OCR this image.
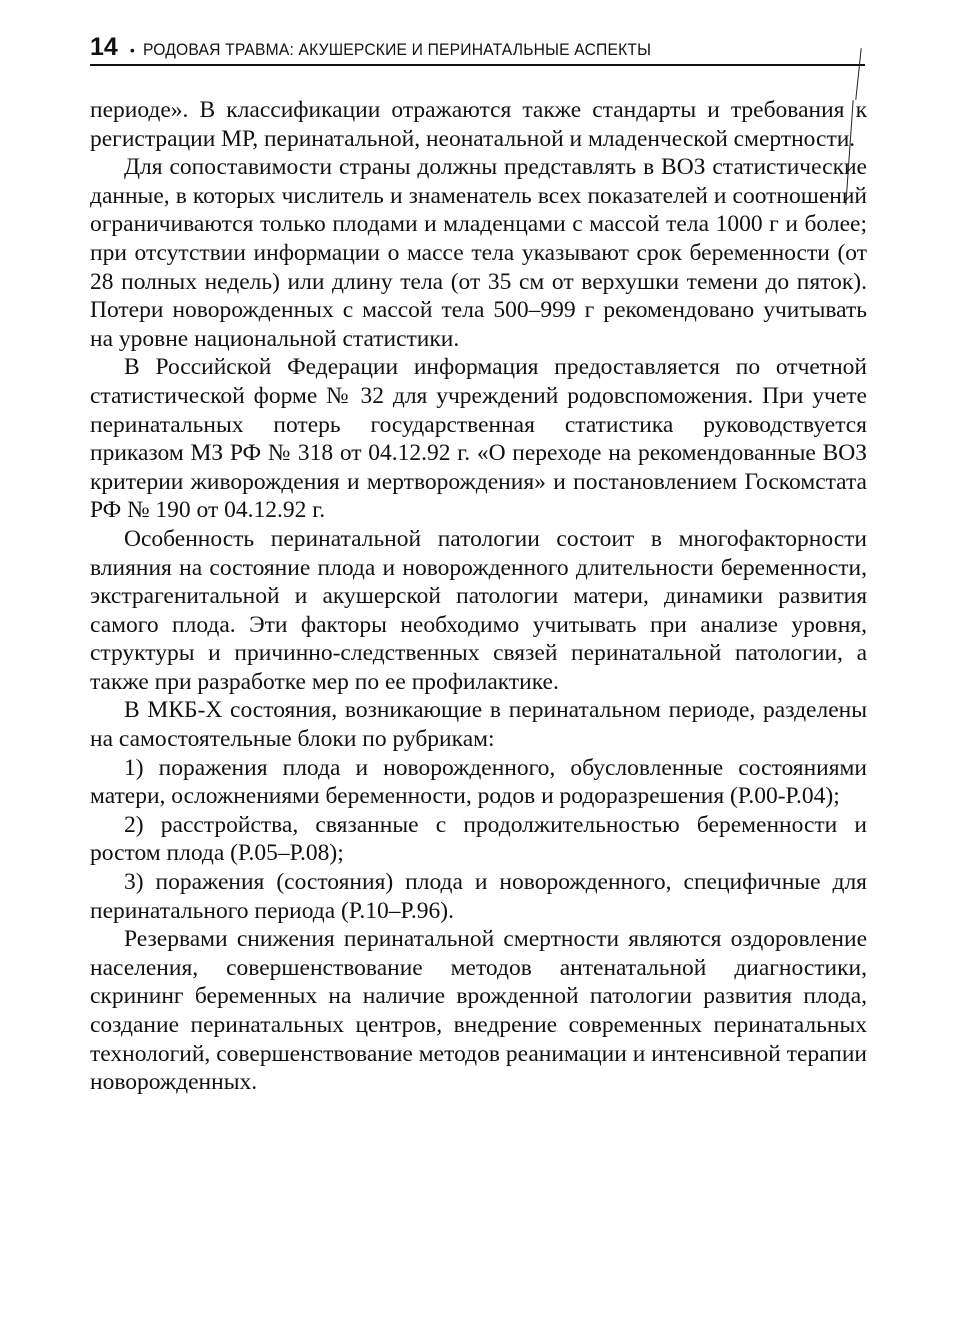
14 • РОДОВАЯ ТРАВМА: АКУШЕРСКИЕ И ПЕРИНАТАЛЬНЫЕ АСПЕКТЫ

периоде». В классификации отражаются также стандарты и требования к регистрации МР, перинатальной, неонатальной и младенческой смертности.

Для сопоставимости страны должны представлять в ВОЗ статистические данные, в которых числитель и знаменатель всех показателей и соотношений ограничиваются только плодами и младенцами с массой тела 1000 г и более; при отсутствии информации о массе тела указывают срок беременности (от 28 полных недель) или длину тела (от 35 см от верхушки темени до пяток). Потери новорожденных с массой тела 500–999 г рекомендовано учитывать на уровне национальной статистики.

В Российской Федерации информация предоставляется по отчетной статистической форме № 32 для учреждений родовспоможения. При учете перинатальных потерь государственная статистика руководствуется приказом МЗ РФ № 318 от 04.12.92 г. «О переходе на рекомендованные ВОЗ критерии живорождения и мертворождения» и постановлением Госкомстата РФ № 190 от 04.12.92 г.

Особенность перинатальной патологии состоит в многофакторности влияния на состояние плода и новорожденного длительности беременности, экстрагенитальной и акушерской патологии матери, динамики развития самого плода. Эти факторы необходимо учитывать при анализе уровня, структуры и причинно-следственных связей перинатальной патологии, а также при разработке мер по ее профилактике.

В МКБ-Х состояния, возникающие в перинатальном периоде, разделены на самостоятельные блоки по рубрикам:

1) поражения плода и новорожденного, обусловленные состояниями матери, осложнениями беременности, родов и родоразрешения (P.00-P.04);

2) расстройства, связанные с продолжительностью беременности и ростом плода (P.05–P.08);

3) поражения (состояния) плода и новорожденного, специфичные для перинатального периода (P.10–P.96).

Резервами снижения перинатальной смертности являются оздоровление населения, совершенствование методов антенатальной диагностики, скрининг беременных на наличие врожденной патологии развития плода, создание перинатальных центров, внедрение современных перинатальных технологий, совершенствование методов реанимации и интенсивной терапии новорожденных.
